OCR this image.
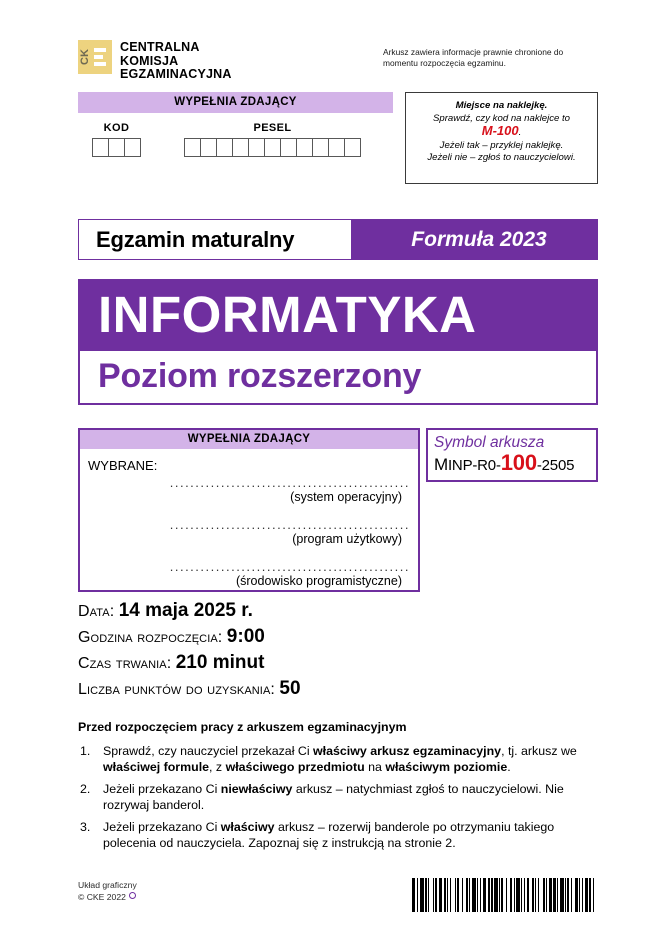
CK
CENTRALNA
KOMISJA
EGZAMINACYJNA
Arkusz zawiera informacje prawnie chronione do momentu rozpoczęcia egzaminu.
WYPEŁNIA ZDAJĄCY
KOD	PESEL
Miejsce na naklejkę.
Sprawdź, czy kod na naklejce to
M-100.
Jeżeli tak – przyklej naklejkę.
Jeżeli nie – zgłoś to nauczycielowi.
Egzamin maturalny	Formuła 2023
INFORMATYKA
Poziom rozszerzony
WYPEŁNIA ZDAJĄCY
WYBRANE:
...............................................
(system operacyjny)
...............................................
(program użytkowy)
...............................................
(środowisko programistyczne)
Symbol arkusza
MINP-R0-100-2505
Data: 14 maja 2025 r.
Godzina rozpoczęcia: 9:00
Czas trwania: 210 minut
Liczba punktów do uzyskania: 50
Przed rozpoczęciem pracy z arkuszem egzaminacyjnym
1.	Sprawdź, czy nauczyciel przekazał Ci właściwy arkusz egzaminacyjny, tj. arkusz we właściwej formule, z właściwego przedmiotu na właściwym poziomie.
2.	Jeżeli przekazano Ci niewłaściwy arkusz – natychmiast zgłoś to nauczycielowi. Nie rozrywaj banderol.
3.	Jeżeli przekazano Ci właściwy arkusz – rozerwij banderole po otrzymaniu takiego polecenia od nauczyciela. Zapoznaj się z instrukcją na stronie 2.
Układ graficzny
© CKE 2022
